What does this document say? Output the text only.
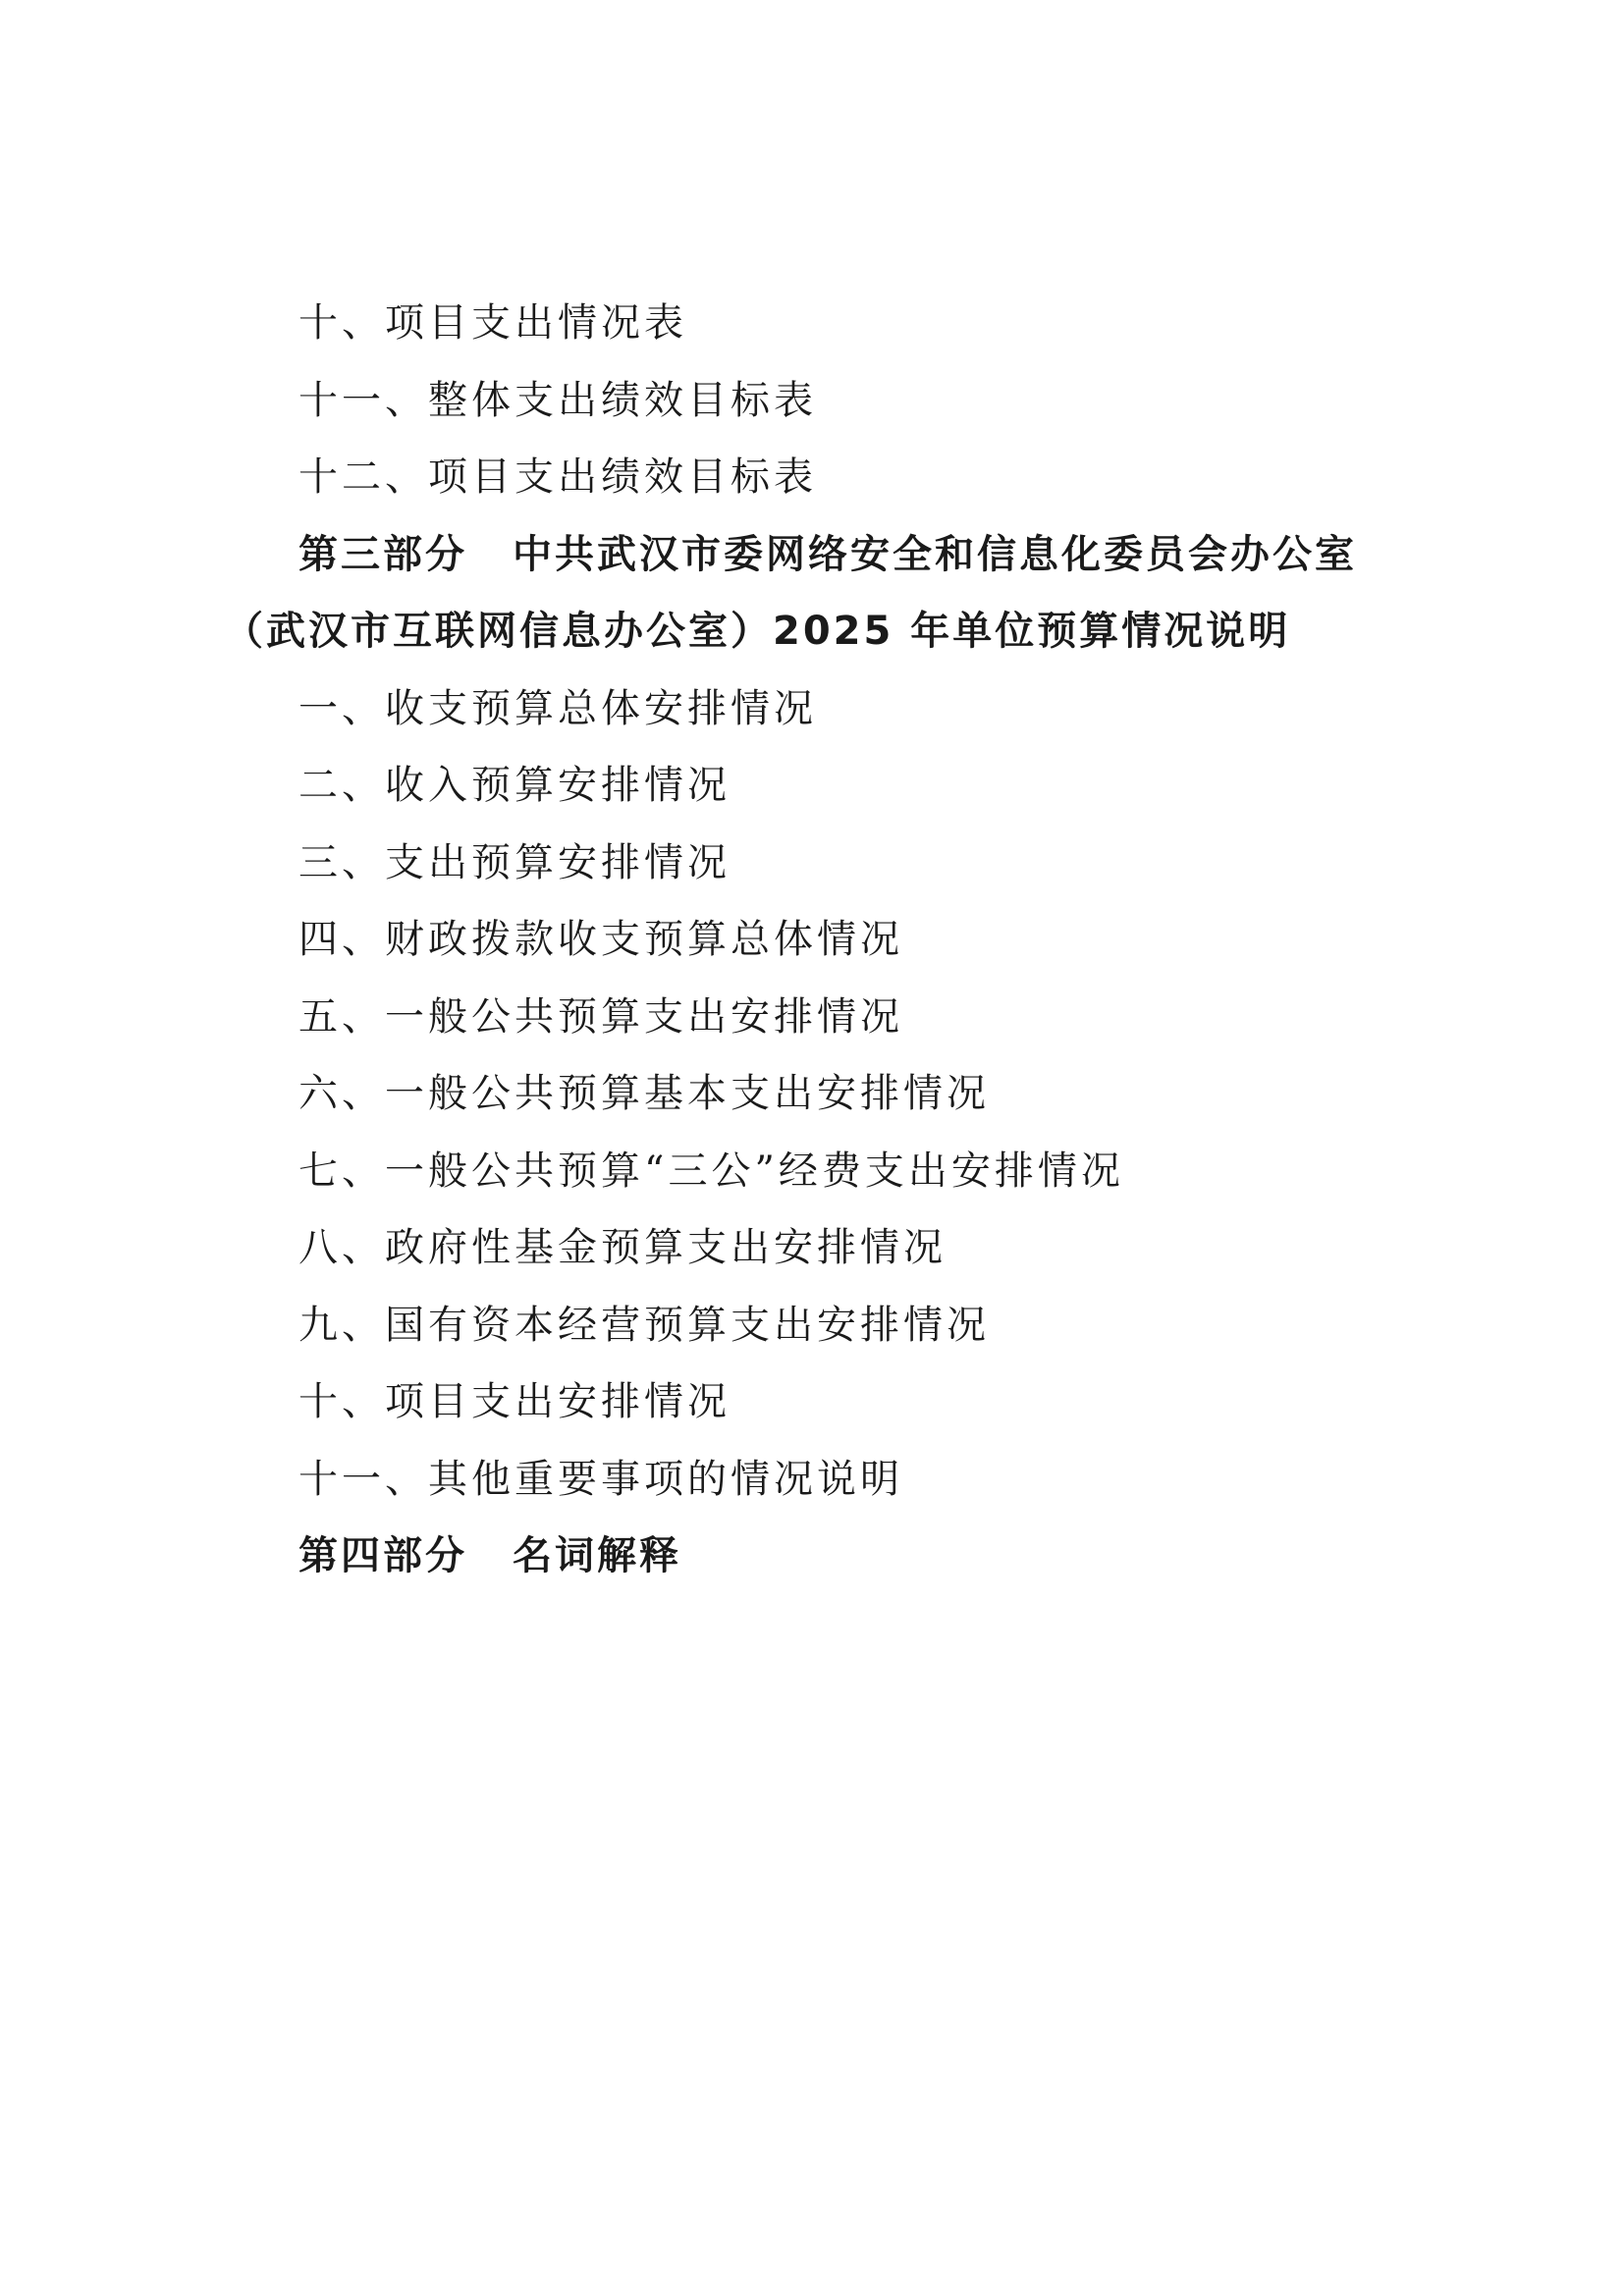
十、项目支出情况表
十一、整体支出绩效目标表
十二、项目支出绩效目标表
第三部分 中共武汉市委网络安全和信息化委员会办公室
（武汉市互联网信息办公室）2025 年单位预算情况说明
一、收支预算总体安排情况
二、收入预算安排情况
三、支出预算安排情况
四、财政拨款收支预算总体情况
五、一般公共预算支出安排情况
六、一般公共预算基本支出安排情况
七、一般公共预算“三公”经费支出安排情况
八、政府性基金预算支出安排情况
九、国有资本经营预算支出安排情况
十、项目支出安排情况
十一、其他重要事项的情况说明
第四部分 名词解释
